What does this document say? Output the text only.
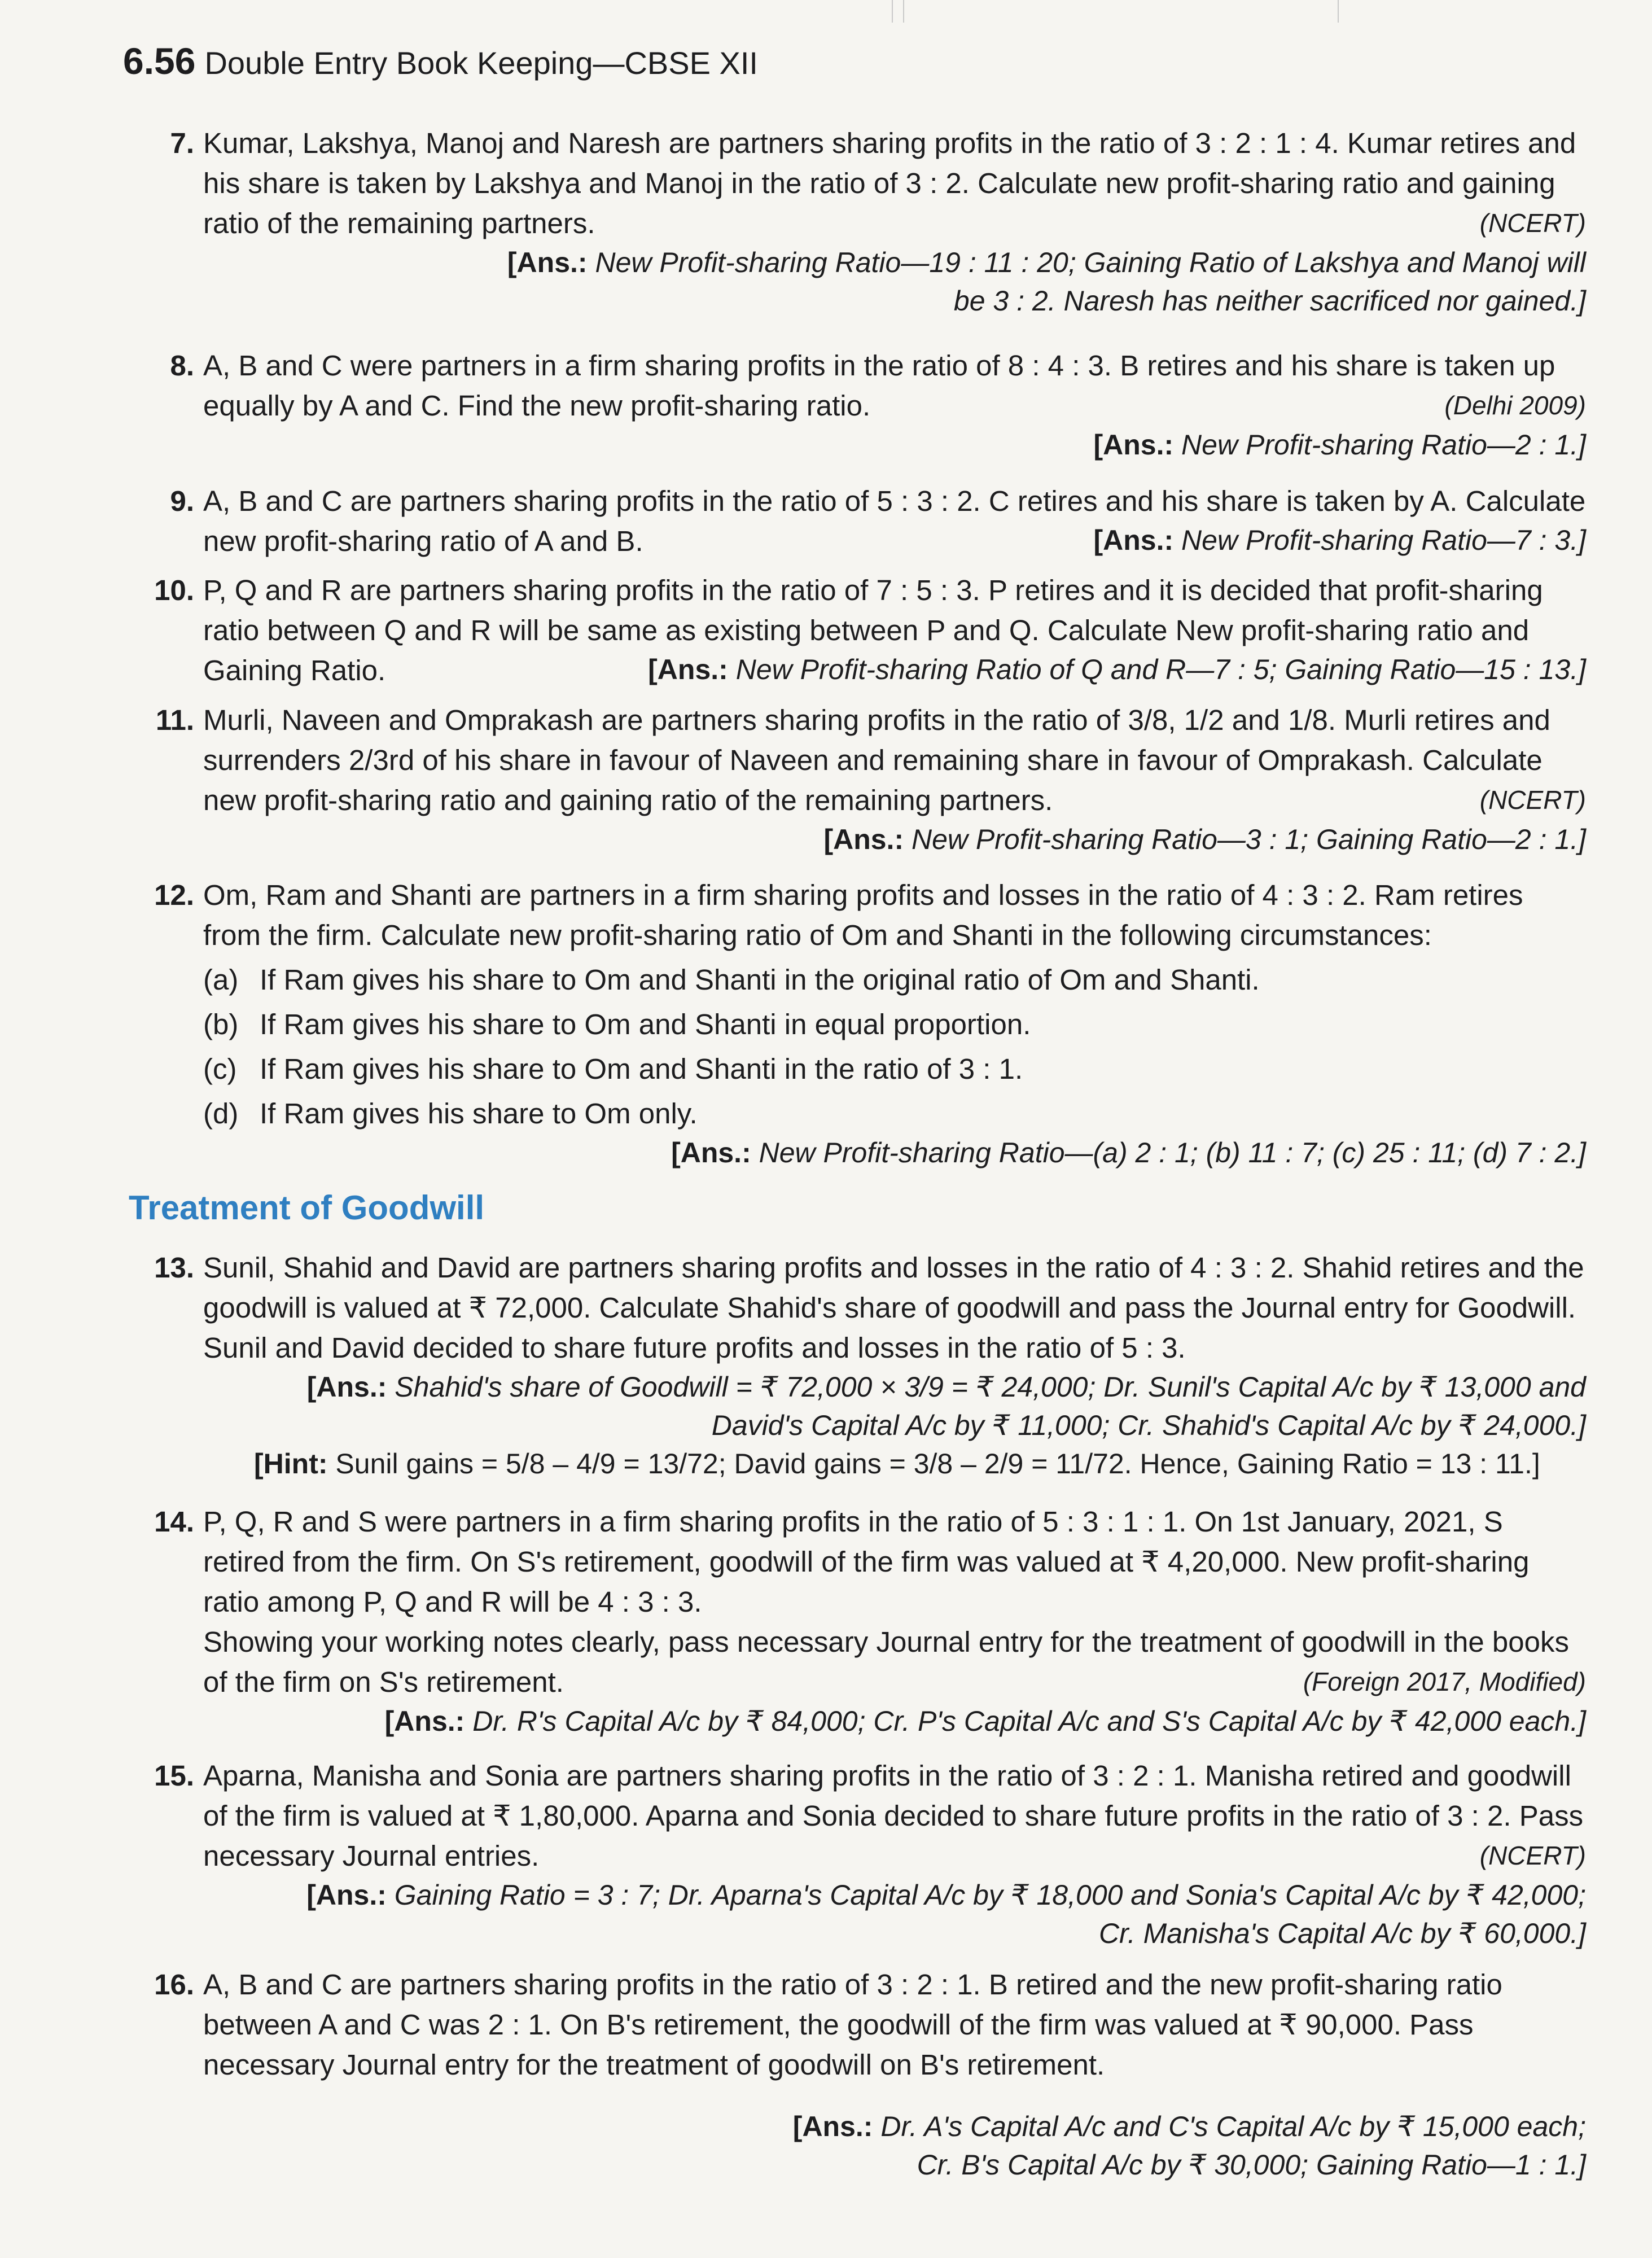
6.56 Double Entry Book Keeping—CBSE XII
7. Kumar, Lakshya, Manoj and Naresh are partners sharing profits in the ratio of 3 : 2 : 1 : 4. Kumar retires and his share is taken by Lakshya and Manoj in the ratio of 3 : 2. Calculate new profit-sharing ratio and gaining ratio of the remaining partners.	(NCERT)
[Ans.: New Profit-sharing Ratio—19 : 11 : 20; Gaining Ratio of Lakshya and Manoj will
be 3 : 2. Naresh has neither sacrificed nor gained.]
8. A, B and C were partners in a firm sharing profits in the ratio of 8 : 4 : 3. B retires and his share is taken up equally by A and C. Find the new profit-sharing ratio.	(Delhi 2009)
[Ans.: New Profit-sharing Ratio—2 : 1.]
9. A, B and C are partners sharing profits in the ratio of 5 : 3 : 2. C retires and his share is taken by A. Calculate new profit-sharing ratio of A and B.	[Ans.: New Profit-sharing Ratio—7 : 3.]
10. P, Q and R are partners sharing profits in the ratio of 7 : 5 : 3. P retires and it is decided that profit-sharing ratio between Q and R will be same as existing between P and Q. Calculate New profit-sharing ratio and Gaining Ratio.	[Ans.: New Profit-sharing Ratio of Q and R—7 : 5; Gaining Ratio—15 : 13.]
11. Murli, Naveen and Omprakash are partners sharing profits in the ratio of 3/8, 1/2 and 1/8. Murli retires and surrenders 2/3rd of his share in favour of Naveen and remaining share in favour of Omprakash. Calculate new profit-sharing ratio and gaining ratio of the remaining partners.	(NCERT)
[Ans.: New Profit-sharing Ratio—3 : 1; Gaining Ratio—2 : 1.]
12. Om, Ram and Shanti are partners in a firm sharing profits and losses in the ratio of 4 : 3 : 2. Ram retires from the firm. Calculate new profit-sharing ratio of Om and Shanti in the following circumstances:
(a) If Ram gives his share to Om and Shanti in the original ratio of Om and Shanti.
(b) If Ram gives his share to Om and Shanti in equal proportion.
(c) If Ram gives his share to Om and Shanti in the ratio of 3 : 1.
(d) If Ram gives his share to Om only.
[Ans.: New Profit-sharing Ratio—(a) 2 : 1; (b) 11 : 7; (c) 25 : 11; (d) 7 : 2.]
Treatment of Goodwill
13. Sunil, Shahid and David are partners sharing profits and losses in the ratio of 4 : 3 : 2. Shahid retires and the goodwill is valued at ₹ 72,000. Calculate Shahid's share of goodwill and pass the Journal entry for Goodwill. Sunil and David decided to share future profits and losses in the ratio of 5 : 3.
[Ans.: Shahid's share of Goodwill = ₹ 72,000 × 3/9 = ₹ 24,000; Dr. Sunil's Capital A/c by ₹ 13,000 and
David's Capital A/c by ₹ 11,000; Cr. Shahid's Capital A/c by ₹ 24,000.]
[Hint: Sunil gains = 5/8 – 4/9 = 13/72; David gains = 3/8 – 2/9 = 11/72. Hence, Gaining Ratio = 13 : 11.]
14. P, Q, R and S were partners in a firm sharing profits in the ratio of 5 : 3 : 1 : 1. On 1st January, 2021, S retired from the firm. On S's retirement, goodwill of the firm was valued at ₹ 4,20,000. New profit-sharing ratio among P, Q and R will be 4 : 3 : 3.
Showing your working notes clearly, pass necessary Journal entry for the treatment of goodwill in the books of the firm on S's retirement.	(Foreign 2017, Modified)
[Ans.: Dr. R's Capital A/c by ₹ 84,000; Cr. P's Capital A/c and S's Capital A/c by ₹ 42,000 each.]
15. Aparna, Manisha and Sonia are partners sharing profits in the ratio of 3 : 2 : 1. Manisha retired and goodwill of the firm is valued at ₹ 1,80,000. Aparna and Sonia decided to share future profits in the ratio of 3 : 2. Pass necessary Journal entries.	(NCERT)
[Ans.: Gaining Ratio = 3 : 7; Dr. Aparna's Capital A/c by ₹ 18,000 and Sonia's Capital A/c by ₹ 42,000;
Cr. Manisha's Capital A/c by ₹ 60,000.]
16. A, B and C are partners sharing profits in the ratio of 3 : 2 : 1. B retired and the new profit-sharing ratio between A and C was 2 : 1. On B's retirement, the goodwill of the firm was valued at ₹ 90,000. Pass necessary Journal entry for the treatment of goodwill on B's retirement.
[Ans.: Dr. A's Capital A/c and C's Capital A/c by ₹ 15,000 each;
Cr. B's Capital A/c by ₹ 30,000; Gaining Ratio—1 : 1.]
